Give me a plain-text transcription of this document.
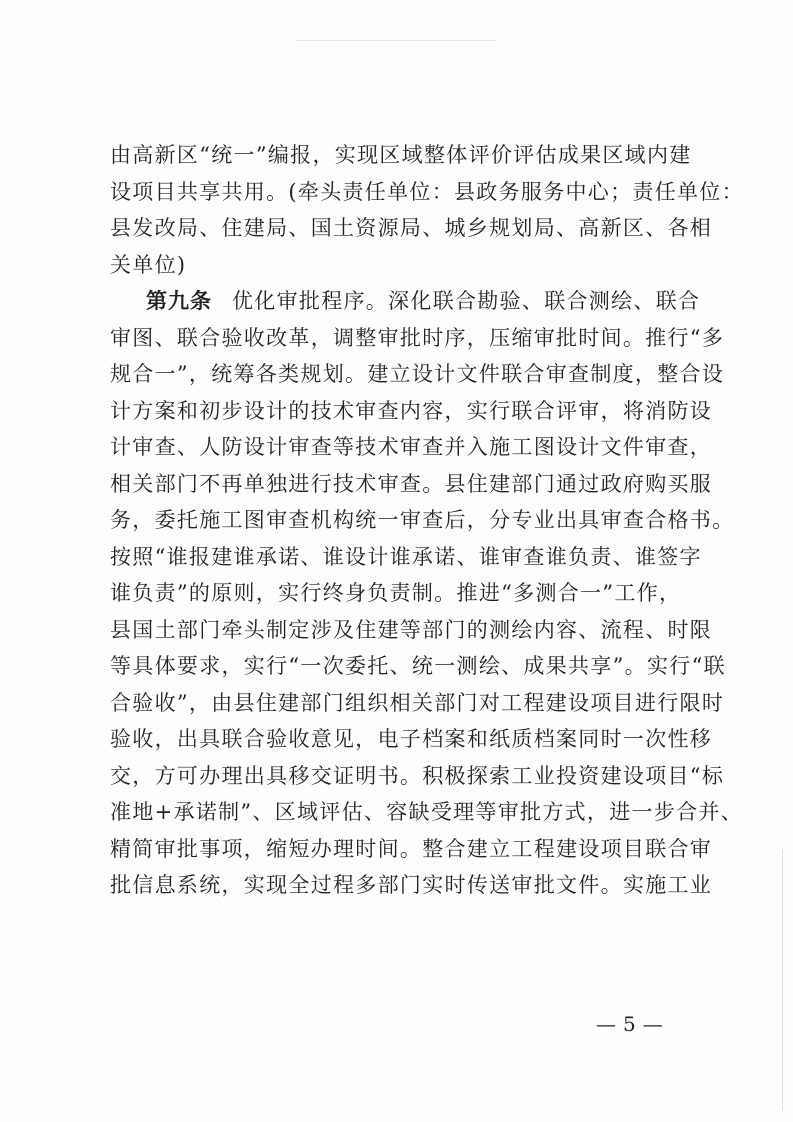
由高新区“统一”编报，实现区域整体评价评估成果区域内建
设项目共享共用。(牵头责任单位：县政务服务中心；责任单位：
县发改局、住建局、国土资源局、城乡规划局、高新区、各相
关单位)
第九条 优化审批程序。深化联合勘验、联合测绘、联合
审图、联合验收改革，调整审批时序，压缩审批时间。推行“多
规合一”，统筹各类规划。建立设计文件联合审查制度，整合设
计方案和初步设计的技术审查内容，实行联合评审，将消防设
计审查、人防设计审查等技术审查并入施工图设计文件审查，
相关部门不再单独进行技术审查。县住建部门通过政府购买服
务，委托施工图审查机构统一审查后，分专业出具审查合格书。
按照“谁报建谁承诺、谁设计谁承诺、谁审查谁负责、谁签字
谁负责”的原则，实行终身负责制。推进“多测合一”工作，
县国土部门牵头制定涉及住建等部门的测绘内容、流程、时限
等具体要求，实行“一次委托、统一测绘、成果共享”。实行“联
合验收”，由县住建部门组织相关部门对工程建设项目进行限时
验收，出具联合验收意见，电子档案和纸质档案同时一次性移
交，方可办理出具移交证明书。积极探索工业投资建设项目“标
准地+承诺制”、区域评估、容缺受理等审批方式，进一步合并、
精简审批事项，缩短办理时间。整合建立工程建设项目联合审
批信息系统，实现全过程多部门实时传送审批文件。实施工业
— 5 —
